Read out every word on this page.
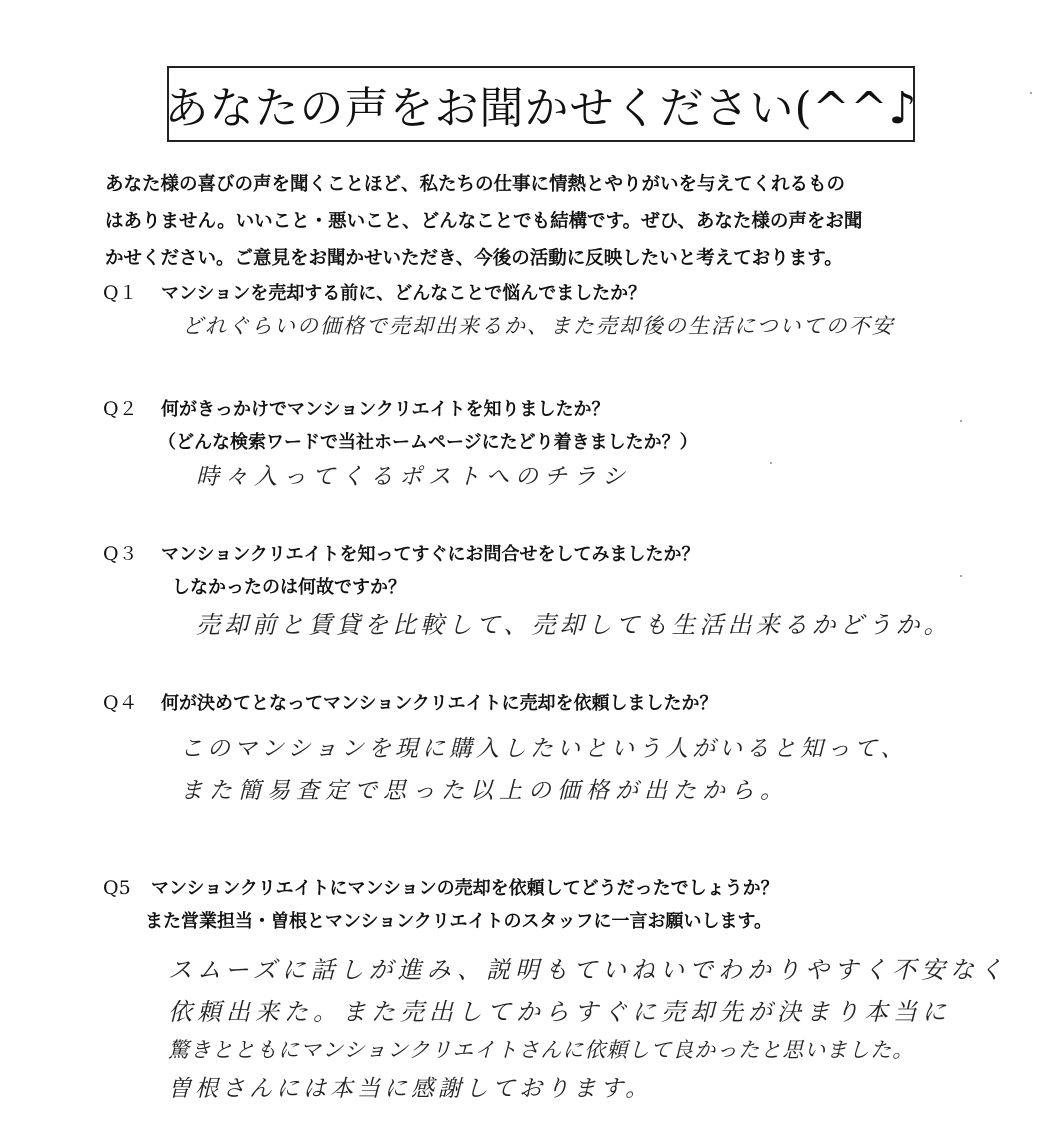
あなたの声をお聞かせください(^^♪

あなた様の喜びの声を聞くことほど、私たちの仕事に情熱とやりがいを与えてくれるもの

はありません。いいこと・悪いこと、どんなことでも結構です。ぜひ、あなた様の声をお聞

かせください。ご意見をお聞かせいただき、今後の活動に反映したいと考えております。

Q１ マンションを売却する前に、どんなことで悩んでましたか？
どれぐらいの価格で売却出来るか、また売却後の生活についての不安
Q２ 何がきっかけでマンションクリエイトを知りましたか？
（どんな検索ワードで当社ホームページにたどり着きましたか？）
時々入ってくるポストへのチラシ
Q３ マンションクリエイトを知ってすぐにお問合せをしてみましたか？
しなかったのは何故ですか？
売却前と賃貸を比較して、売却しても生活出来るかどうか。
Q４ 何が決めてとなってマンションクリエイトに売却を依頼しましたか？
このマンションを現に購入したいという人がいると知って、
また簡易査定で思った以上の価格が出たから。
Q5 マンションクリエイトにマンションの売却を依頼してどうだったでしょうか？
また営業担当・曽根とマンションクリエイトのスタッフに一言お願いします。
スムーズに話しが進み、説明もていねいでわかりやすく不安なく
依頼出来た。また売出してからすぐに売却先が決まり本当に
驚きとともにマンションクリエイトさんに依頼して良かったと思いました。
曽根さんには本当に感謝しております。
